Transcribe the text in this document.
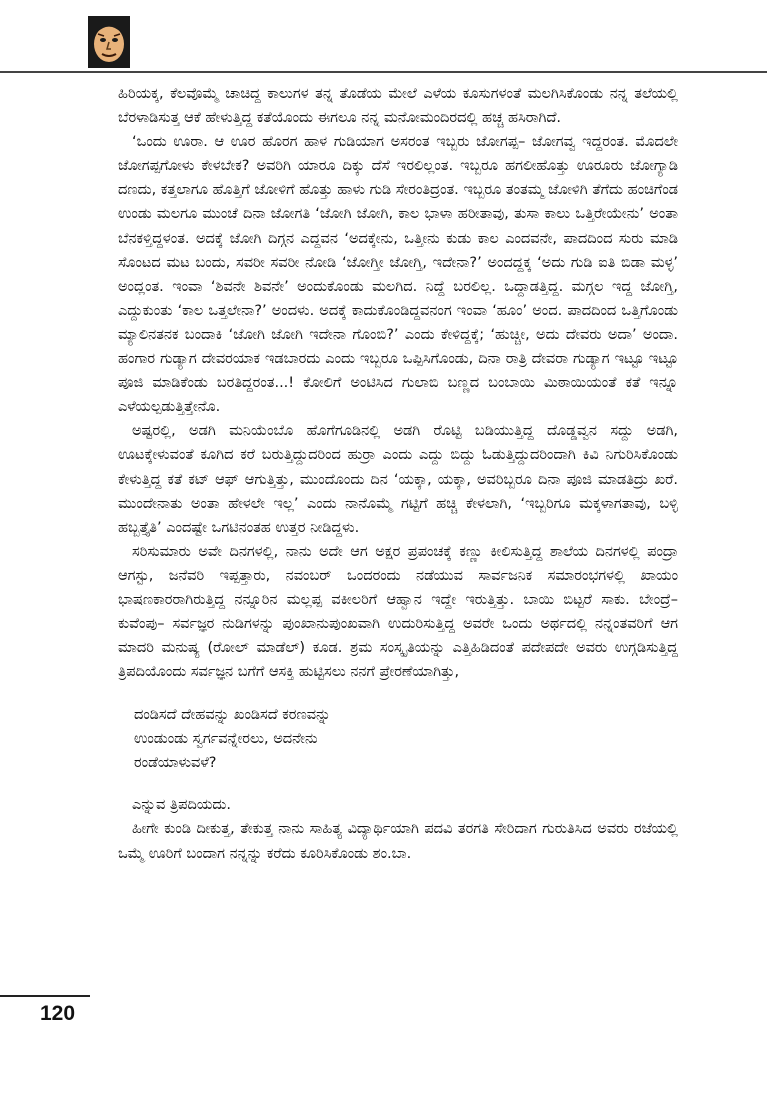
ಹಿರಿಯಕ್ಕ, ಕೆಲವೊಮ್ಮೆ ಚಾಚಿದ್ದ ಕಾಲುಗಳ ತನ್ನ ತೊಡೆಯ ಮೇಲೆ ಎಳೆಯ ಕೂಸುಗಳಂತೆ ಮಲಗಿಸಿಕೊಂಡು ನನ್ನ ತಲೆಯಲ್ಲಿ ಬೆರಳಾಡಿಸುತ್ತ ಆಕೆ ಹೇಳುತ್ತಿದ್ದ ಕತೆಯೊಂದು ಈಗಲೂ ನನ್ನ ಮನೋಮಂದಿರದಲ್ಲಿ ಹಚ್ಚ ಹಸಿರಾಗಿದೆ.

‘ಒಂದು ಊರಾ. ಆ ಊರ ಹೊರಗ ಹಾಳ ಗುಡಿಯಾಗ ಅಸರಂತ ಇಬ್ಬರು ಜೋಗಪ್ಪ– ಜೋಗವ್ವ ಇದ್ದರಂತ. ಮೊದಲೇ ಜೋಗಪ್ಪಗೋಳು ಕೇಳಬೇಕ? ಅವರಿಗಿ ಯಾರೂ ದಿಕ್ಕು ದೆಸೆ ಇರಲಿಲ್ಲಂತ. ಇಬ್ಬರೂ ಹಗಲೀಹೊತ್ತು ಊರೂರು ಜೋಗ್ಯಾಡಿ ದಣದು, ಕತ್ತಲಾಗೂ ಹೊತ್ತಿಗೆ ಜೋಳಿಗೆ ಹೊತ್ತು ಹಾಳು ಗುಡಿ ಸೇರಂತಿದ್ರಂತ. ಇಬ್ಬರೂ ತಂತಮ್ಮ ಜೋಳಿಗಿ ತೆಗೆದು ಹಂಚಿಗೆಂಡ ಉಂಡು ಮಲಗೂ ಮುಂಚೆ ದಿನಾ ಜೋಗತಿ ‘ಜೋಗಿ ಜೋಗಿ, ಕಾಲ ಭಾಳಾ ಹರೀತಾವು, ತುಸಾ ಕಾಲು ಒತ್ತಿರೇಯೇನು’ ಅಂತಾ ಬೆನಕಳ್ತಿದ್ದಳಂತ. ಅದಕ್ಕೆ ಜೋಗಿ ದಿಗ್ಗನ ಎದ್ದವನ ‘ಅದಕ್ಕೇನು, ಒತ್ತೀನು ಕುಡು ಕಾಲ ಎಂದವನೇ, ಪಾದದಿಂದ ಸುರು ಮಾಡಿ ಸೊಂಟದ ಮಟ ಬಂದು, ಸವರೀ ಸವರೀ ನೋಡಿ ‘ಜೋಗ್ತೀ ಜೋಗ್ತಿ, ಇದೇನಾ?’ ಅಂದದ್ದಕ್ಕ ‘ಅದು ಗುಡಿ ಐತಿ ಬಿಡಾ ಮಳ್ಳ’ ಅಂದ್ಲಂತ. ಇಂವಾ ‘ಶಿವನೇ ಶಿವನೇ’ ಅಂದುಕೊಂಡು ಮಲಗಿದ. ನಿದ್ದೆ ಬರಲಿಲ್ಲ. ಒದ್ದಾಡತ್ತಿದ್ದ. ಮಗ್ಗಲ ಇದ್ದ ಜೋಗ್ತಿ, ಎದ್ದುಕುಂತು ‘ಕಾಲ ಒತ್ತಲೇನಾ?’ ಅಂದಳು. ಅದಕ್ಕೆ ಕಾದುಕೊಂಡಿದ್ದವನಂಗ ಇಂವಾ ‘ಹೂಂ’ ಅಂದ. ಪಾದದಿಂದ ಒತ್ತಿಗೊಂಡು ಮ್ಯಾಲಿನತನಕ ಬಂದಾಕಿ ‘ಜೋಗಿ ಜೋಗಿ ಇದೇನಾ ಗೊಂಬಿ?’ ಎಂದು ಕೇಳಿದ್ದಕ್ಕೆ; ‘ಹುಚ್ಚೀ, ಅದು ದೇವರು ಅದಾ’ ಅಂದಾ. ಹಂಗಾರ ಗುಡ್ಯಾಗ ದೇವರಯಾಕ ಇಡಬಾರದು ಎಂದು ಇಬ್ಬರೂ ಒಪ್ಪಿಸಿಗೊಂಡು, ದಿನಾ ರಾತ್ರಿ ದೇವರಾ ಗುಡ್ಯಾಗ ಇಟ್ಟೂ ಇಟ್ಟೂ ಪೂಜಿ ಮಾಡಿಕೆಂಡು ಬರತಿದ್ದರಂತ...! ಕೋಲಿಗೆ ಅಂಟಿಸಿದ ಗುಲಾಬಿ ಬಣ್ಣದ ಬಂಬಾಯಿ ಮಿಠಾಯಿಯಂತೆ ಕತೆ ಇನ್ನೂ ಎಳೆಯಲ್ಪಡುತ್ತಿತ್ತೇನೊ.

ಅಷ್ಟರಲ್ಲಿ, ಅಡಗಿ ಮನಿಯೆಂಬೊ ಹೊಗೆಗೂಡಿನಲ್ಲಿ ಅಡಗಿ ರೊಟ್ಟಿ ಬಡಿಯುತ್ತಿದ್ದ ದೊಡ್ಡವ್ವನ ಸದ್ದು ಅಡಗಿ, ಊಟಕ್ಕೇಳುವಂತೆ ಕೂಗಿದ ಕರೆ ಬರುತ್ತಿದ್ದುದರಿಂದ ಹುರ್ರಾ ಎಂದು ಎದ್ದು ಬಿದ್ದು ಓಡುತ್ತಿದ್ದುದರಿಂದಾಗಿ ಕಿವಿ ನಿಗುರಿಸಿಕೊಂಡು ಕೇಳುತ್ತಿದ್ದ ಕತೆ ಕಟ್ ಆಫ್ ಆಗುತ್ತಿತ್ತು, ಮುಂದೊಂದು ದಿನ ‘ಯಕ್ಕಾ, ಯಕ್ಕಾ, ಅವರಿಬ್ಬರೂ ದಿನಾ ಪೂಜಿ ಮಾಡತಿದ್ರು ಖರೆ. ಮುಂದೇನಾತು ಅಂತಾ ಹೇಳಲೇ ಇಲ್ಲ’ ಎಂದು ನಾನೊಮ್ಮೆ ಗಟ್ಟಿಗೆ ಹಚ್ಚಿ ಕೇಳಲಾಗಿ, ‘ಇಬ್ಬರಿಗೂ ಮಕ್ಕಳಾಗತಾವು, ಬಳ್ಳಿ ಹಬ್ಬತ್ತೈತಿ’ ಎಂದಷ್ಟೇ ಒಗಟಿನಂತಹ ಉತ್ತರ ನೀಡಿದ್ದಳು.

ಸರಿಸುಮಾರು ಅವೇ ದಿನಗಳಲ್ಲಿ, ನಾನು ಅದೇ ಆಗ ಅಕ್ಷರ ಪ್ರಪಂಚಕ್ಕೆ ಕಣ್ಣು ಕೀಲಿಸುತ್ತಿದ್ದ ಶಾಲೆಯ ದಿನಗಳಲ್ಲಿ ಪಂದ್ರಾ ಆಗಸ್ಟು, ಜನೆವರಿ ಇಪ್ಪತ್ತಾರು, ನವಂಬರ್ ಒಂದರಂದು ನಡೆಯುವ ಸಾರ್ವಜನಿಕ ಸಮಾರಂಭಗಳಲ್ಲಿ ಖಾಯಂ ಭಾಷಣಕಾರರಾಗಿರುತ್ತಿದ್ದ ನನ್ನೂರಿನ ಮಲ್ಲಪ್ಪ ವಕೀಲರಿಗೆ ಆಹ್ವಾನ ಇದ್ದೇ ಇರುತ್ತಿತ್ತು. ಬಾಯಿ ಬಿಟ್ಟರೆ ಸಾಕು. ಬೇಂದ್ರೆ– ಕುವೆಂಪು– ಸರ್ವಜ್ಞರ ನುಡಿಗಳನ್ನು ಪುಂಖಾನುಪುಂಖವಾಗಿ ಉದುರಿಸುತ್ತಿದ್ದ ಅವರೇ ಒಂದು ಅರ್ಥದಲ್ಲಿ ನನ್ನಂತವರಿಗೆ ಆಗ ಮಾದರಿ ಮನುಷ್ಯ (ರೋಲ್ ಮಾಡೆಲ್) ಕೂಡ. ಶ್ರಮ ಸಂಸ್ಕೃತಿಯನ್ನು ಎತ್ತಿಹಿಡಿದಂತೆ ಪದೇಪದೇ ಅವರು ಉಗ್ಗಡಿಸುತ್ತಿದ್ದ ತ್ರಿಪದಿಯೊಂದು ಸರ್ವಜ್ಞನ ಬಗೆಗೆ ಆಸಕ್ತಿ ಹುಟ್ಟಿಸಲು ನನಗೆ ಪ್ರೇರಣೆಯಾಗಿತ್ತು,

ದಂಡಿಸದೆ ದೇಹವನ್ನು ಖಂಡಿಸದೆ ಕರಣವನ್ನು
ಉಂಡುಂಡು ಸ್ವರ್ಗವನ್ನೇರಲು, ಅದನೇನು
ರಂಡೆಯಾಳುವಳೆ?

ಎನ್ನುವ ತ್ರಿಪದಿಯದು.

ಹೀಗೇ ಕುಂಡಿ ದೀಕುತ್ತ, ತೇಕುತ್ತ ನಾನು ಸಾಹಿತ್ಯ ವಿದ್ಯಾರ್ಥಿಯಾಗಿ ಪದವಿ ತರಗತಿ ಸೇರಿದಾಗ ಗುರುತಿಸಿದ ಅವರು ರಜೆಯಲ್ಲಿ ಒಮ್ಮೆ ಊರಿಗೆ ಬಂದಾಗ ನನ್ನನ್ನು ಕರೆದು ಕೂರಿಸಿಕೊಂಡು ಶಂ.ಬಾ.

120
